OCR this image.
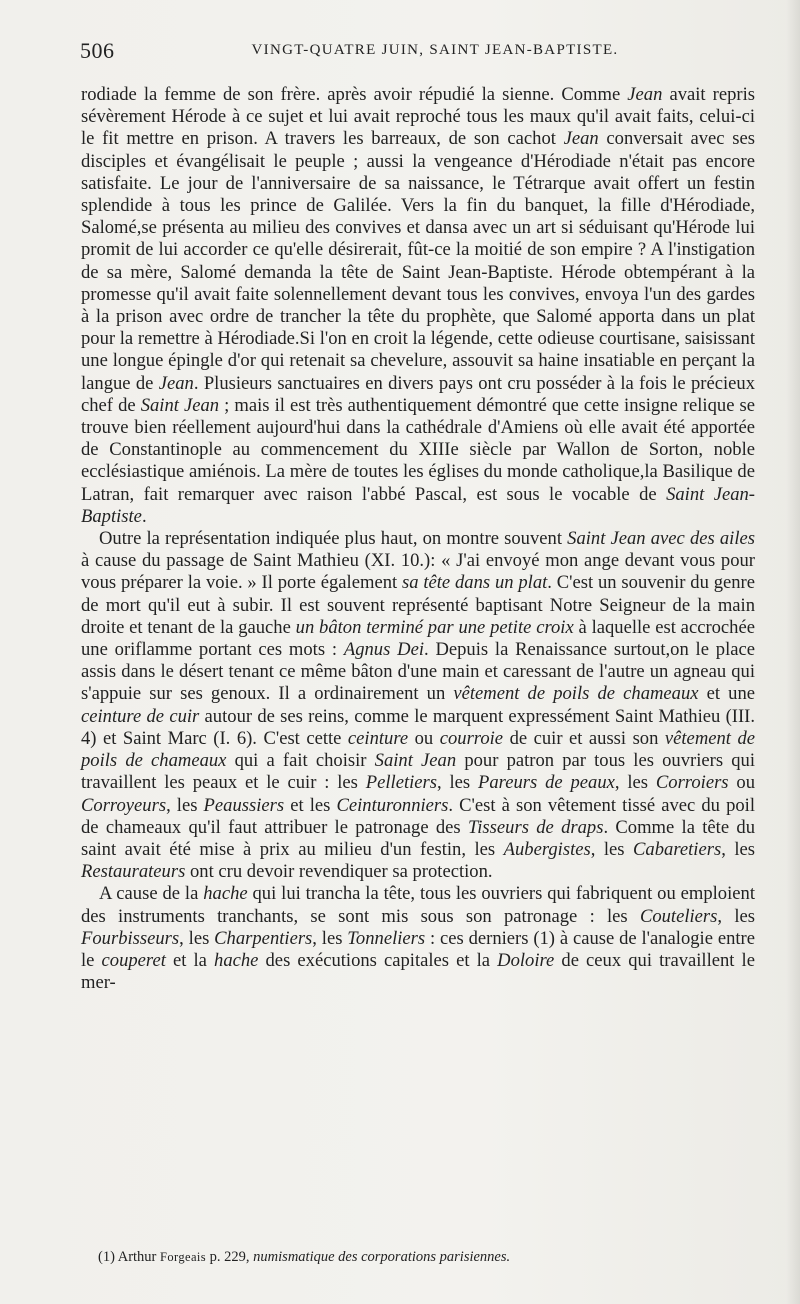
506	VINGT-QUATRE JUIN, SAINT JEAN-BAPTISTE.

rodiade la femme de son frère. après avoir répudié la sienne. Comme Jean avait repris sévèrement Hérode à ce sujet et lui avait reproché tous les maux qu'il avait faits, celui-ci le fit mettre en prison. A travers les barreaux, de son cachot Jean conversait avec ses disciples et évangélisait le peuple ; aussi la vengeance d'Hérodiade n'était pas encore satisfaite. Le jour de l'anniversaire de sa naissance, le Tétrarque avait offert un festin splendide à tous les prince de Galilée. Vers la fin du banquet, la fille d'Hérodiade, Salomé,se présenta au milieu des convives et dansa avec un art si séduisant qu'Hérode lui promit de lui accorder ce qu'elle désirerait, fût-ce la moitié de son empire ? A l'instigation de sa mère, Salomé demanda la tête de Saint Jean-Baptiste. Hérode obtempérant à la promesse qu'il avait faite solennellement devant tous les convives, envoya l'un des gardes à la prison avec ordre de trancher la tête du prophète, que Salomé apporta dans un plat pour la remettre à Hérodiade.Si l'on en croit la légende, cette odieuse courtisane, saisissant une longue épingle d'or qui retenait sa chevelure, assouvit sa haine insatiable en perçant la langue de Jean. Plusieurs sanctuaires en divers pays ont cru posséder à la fois le précieux chef de Saint Jean ; mais il est très authentiquement démontré que cette insigne relique se trouve bien réellement aujourd'hui dans la cathédrale d'Amiens où elle avait été apportée de Constantinople au commencement du XIIIe siècle par Wallon de Sorton, noble ecclésiastique amiénois. La mère de toutes les églises du monde catholique,la Basilique de Latran, fait remarquer avec raison l'abbé Pascal, est sous le vocable de Saint Jean-Baptiste.

Outre la représentation indiquée plus haut, on montre souvent Saint Jean avec des ailes à cause du passage de Saint Mathieu (XI. 10.): « J'ai envoyé mon ange devant vous pour vous préparer la voie. » Il porte également sa tête dans un plat. C'est un souvenir du genre de mort qu'il eut à subir. Il est souvent représenté baptisant Notre Seigneur de la main droite et tenant de la gauche un bâton terminé par une petite croix à laquelle est accrochée une oriflamme portant ces mots : Agnus Dei. Depuis la Renaissance surtout,on le place assis dans le désert tenant ce même bâton d'une main et caressant de l'autre un agneau qui s'appuie sur ses genoux. Il a ordinairement un vêtement de poils de chameaux et une ceinture de cuir autour de ses reins, comme le marquent expressément Saint Mathieu (III. 4) et Saint Marc (I. 6). C'est cette ceinture ou courroie de cuir et aussi son vêtement de poils de chameaux qui a fait choisir Saint Jean pour patron par tous les ouvriers qui travaillent les peaux et le cuir : les Pelletiers, les Pareurs de peaux, les Corroiers ou Corroyeurs, les Peaussiers et les Ceinturonniers. C'est à son vêtement tissé avec du poil de chameaux qu'il faut attribuer le patronage des Tisseurs de draps. Comme la tête du saint avait été mise à prix au milieu d'un festin, les Aubergistes, les Cabaretiers, les Restaurateurs ont cru devoir revendiquer sa protection.

A cause de la hache qui lui trancha la tête, tous les ouvriers qui fabriquent ou emploient des instruments tranchants, se sont mis sous son patronage : les Couteliers, les Fourbisseurs, les Charpentiers, les Tonneliers : ces derniers (1) à cause de l'analogie entre le couperet et la hache des exécutions capitales et la Doloire de ceux qui travaillent le mer-

(1) Arthur Forgeais p. 229, numismatique des corporations parisiennes.
